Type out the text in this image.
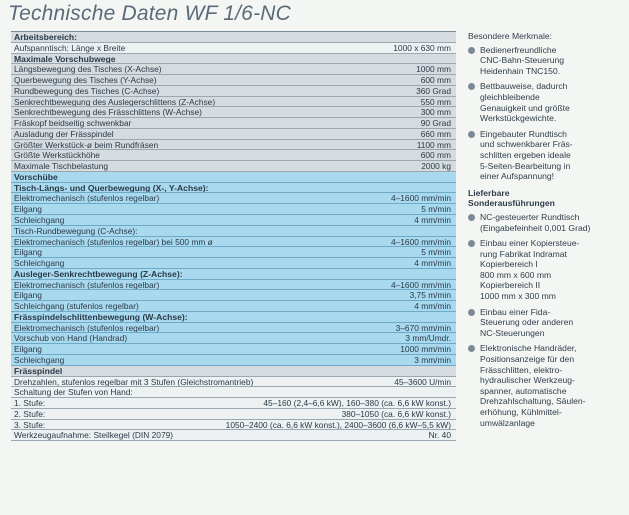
Technische Daten WF 1/6-NC
Arbeitsbereich:
Aufspanntisch: Länge x Breite	1000 x 630 mm
Maximale Vorschubwege
Längsbewegung des Tisches (X-Achse)	1000 mm
Querbewegung des Tisches (Y-Achse)	600 mm
Rundbewegung des Tisches (C-Achse)	360 Grad
Senkrechtbewegung des Auslegerschlittens (Z-Achse)	550 mm
Senkrechtbewegung des Frässchlittens (W-Achse)	300 mm
Fräskopf beidseitig schwenkbar	90 Grad
Ausladung der Frässpindel	660 mm
Größter Werkstück-ø beim Rundfräsen	1100 mm
Größte Werkstückhöhe	600 mm
Maximale Tischbelastung	2000 kg
Vorschübe
Tisch-Längs- und Querbewegung (X-, Y-Achse):
Elektromechanisch (stufenlos regelbar)	4–1600 mm/min
Eilgang	5 m/min
Schleichgang	4 mm/min
Tisch-Rundbewegung (C-Achse):
Elektromechanisch (stufenlos regelbar) bei 500 mm ø	4–1600 mm/min
Eilgang	5 m/min
Schleichgang	4 mm/min
Ausleger-Senkrechtbewegung (Z-Achse):
Elektromechanisch (stufenlos regelbar)	4–1600 mm/min
Eilgang	3,75 m/min
Schleichgang (stufenlos regelbar)	4 mm/min
Frässpindelschlittenbewegung (W-Achse):
Elektromechanisch (stufenlos regelbar)	3–670 mm/min
Vorschub von Hand (Handrad)	3 mm/Umdr.
Eilgang	1000 mm/min
Schleichgang	3 mm/min
Frässpindel
Drehzahlen, stufenlos regelbar mit 3 Stufen (Gleichstromantrieb)	45–3600 U/min
Schaltung der Stufen von Hand:
1. Stufe:	45–160 (2,4–6,6 kW), 160–380 (ca. 6,6 kW konst.)
2. Stufe:	380–1050 (ca. 6,6 kW konst.)
3. Stufe:	1050–2400 (ca. 6,6 kW konst.), 2400–3600 (6,6 kW–5,5 kW)
Werkzeugaufnahme: Steilkegel (DIN 2079)	Nr. 40
Besondere Merkmale:
Bedienerfreundliche
CNC-Bahn-Steuerung
Heidenhain TNC150.
Bettbauweise, dadurch
gleichbleibende
Genauigkeit und größte
Werkstückgewichte.
Eingebauter Rundtisch
und schwenkbarer Fräs-
schlitten ergeben ideale
5-Seiten-Bearbeitung in
einer Aufspannung!
Lieferbare
Sonderausführungen
NC-gesteuerter Rundtisch
(Eingabefeinheit 0,001 Grad)
Einbau einer Kopiersteue-
rung Fabrikat Indramat
Kopierbereich I
800 mm x 600 mm
Kopierbereich II
1000 mm x 300 mm
Einbau einer Fida-
Steuerung oder anderen
NC-Steuerungen
Elektronische Handräder,
Positionsanzeige für den
Frässchlitten, elektro-
hydraulischer Werkzeug-
spanner, automatische
Drehzahlschaltung, Säulen-
erhöhung, Kühlmittel-
umwälzanlage
